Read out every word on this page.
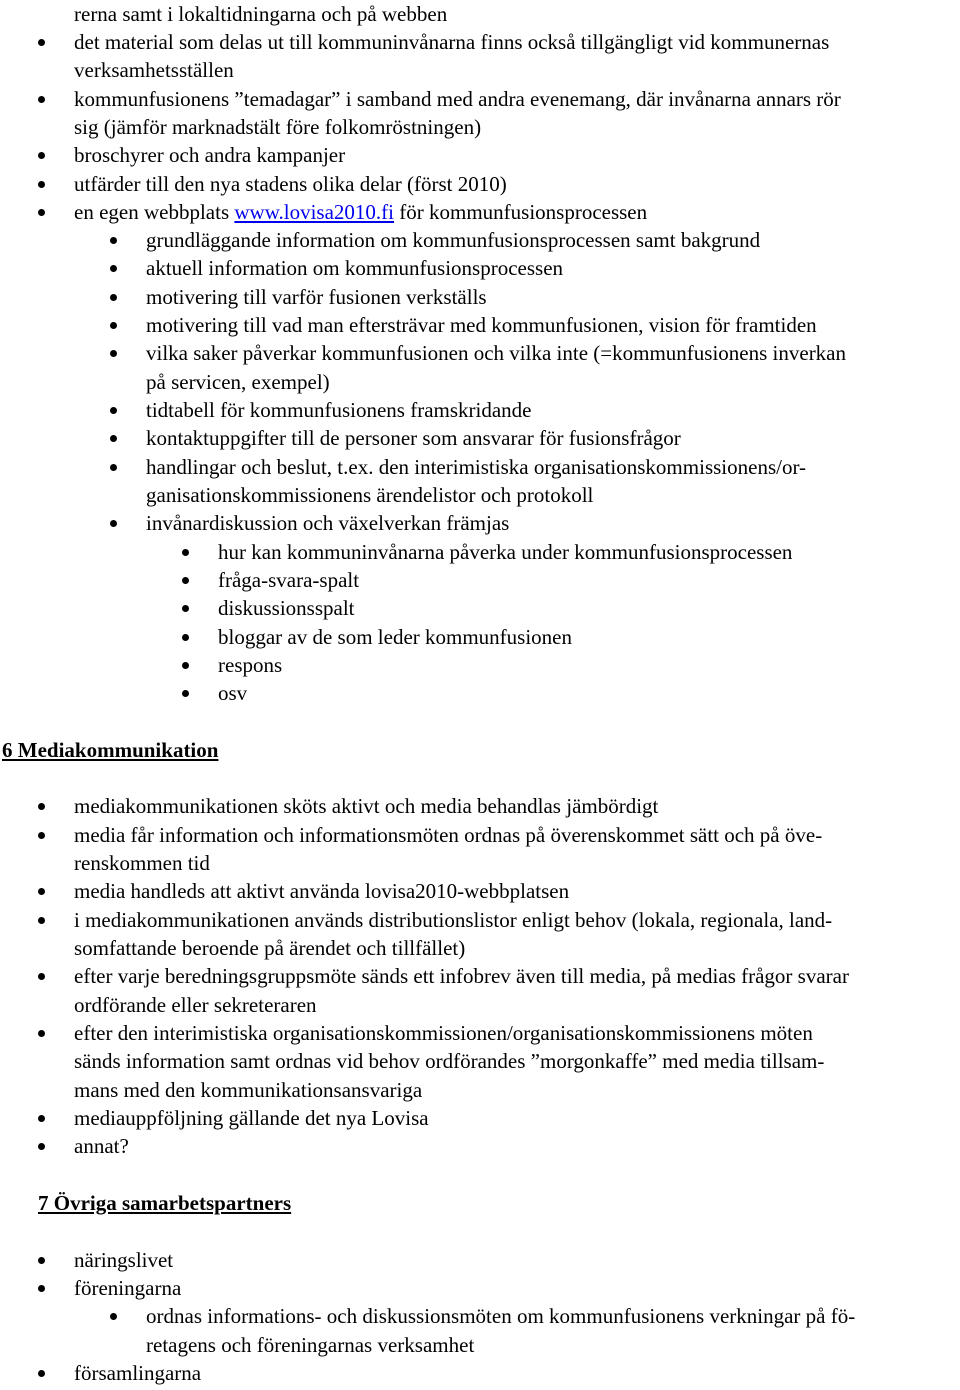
rerna samt i lokaltidningarna och på webben
det material som delas ut till kommuninvånarna finns också tillgängligt vid kommunernas
verksamhetsställen
kommunfusionens ”temadagar” i samband med andra evenemang, där invånarna annars rör
sig (jämför marknadstält före folkomröstningen)
broschyrer och andra kampanjer
utfärder till den nya stadens olika delar (först 2010)
en egen webbplats www.lovisa2010.fi för kommunfusionsprocessen
grundläggande information om kommunfusionsprocessen samt bakgrund
aktuell information om kommunfusionsprocessen
motivering till varför fusionen verkställs
motivering till vad man eftersträvar med kommunfusionen, vision för framtiden
vilka saker påverkar kommunfusionen och vilka inte (=kommunfusionens inverkan
på servicen, exempel)
tidtabell för kommunfusionens framskridande
kontaktuppgifter till de personer som ansvarar för fusionsfrågor
handlingar och beslut, t.ex. den interimistiska organisationskommissionens/or-
ganisationskommissionens ärendelistor och protokoll
invånardiskussion och växelverkan främjas
hur kan kommuninvånarna påverka under kommunfusionsprocessen
fråga-svara-spalt
diskussionsspalt
bloggar av de som leder kommunfusionen
respons
osv
6 Mediakommunikation
mediakommunikationen sköts aktivt och media behandlas jämbördigt
media får information och informationsmöten ordnas på överenskommet sätt och på öve-
renskommen tid
media handleds att aktivt använda lovisa2010-webbplatsen
i mediakommunikationen används distributionslistor enligt behov (lokala, regionala, land-
somfattande beroende på ärendet och tillfället)
efter varje beredningsgruppsmöte sänds ett infobrev även till media, på medias frågor svarar
ordförande eller sekreteraren
efter den interimistiska organisationskommissionen/organisationskommissionens möten
sänds information samt ordnas vid behov ordförandes ”morgonkaffe” med media tillsam-
mans med den kommunikationsansvariga
mediauppföljning gällande det nya Lovisa
annat?
7 Övriga samarbetspartners
näringslivet
föreningarna
ordnas informations- och diskussionsmöten om kommunfusionens verkningar på fö-
retagens och föreningarnas verksamhet
församlingarna
